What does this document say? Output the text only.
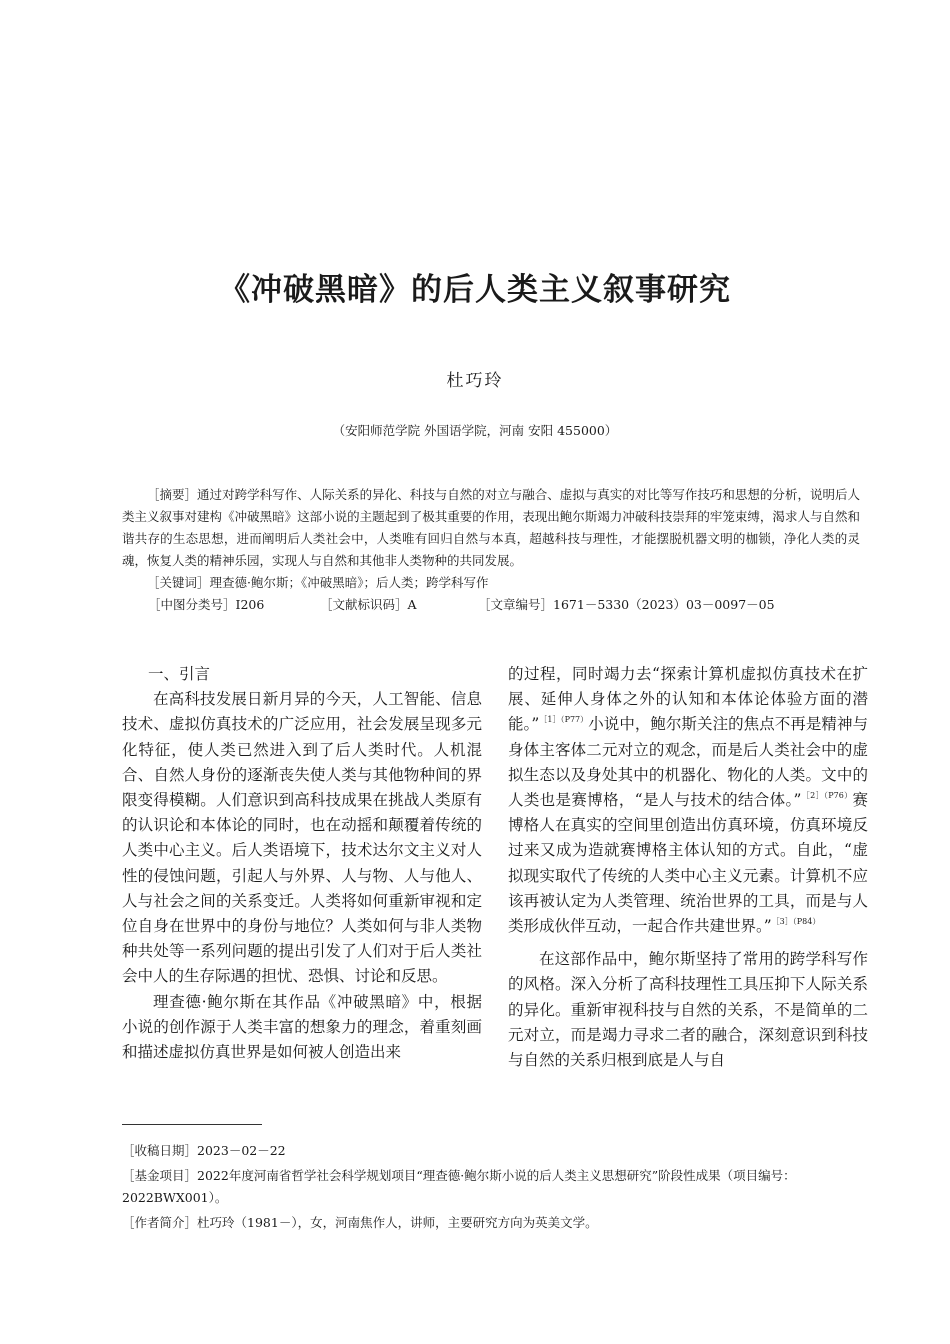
《冲破黑暗》的后人类主义叙事研究
杜巧玲
（安阳师范学院 外国语学院，河南 安阳 455000）

［摘要］通过对跨学科写作、人际关系的异化、科技与自然的对立与融合、虚拟与真实的对比等写作技巧和思想的分析，说明后人类主义叙事对建构《冲破黑暗》这部小说的主题起到了极其重要的作用，表现出鲍尔斯竭力冲破科技崇拜的牢笼束缚，渴求人与自然和谐共存的生态思想，进而阐明后人类社会中，人类唯有回归自然与本真，超越科技与理性，才能摆脱机器文明的枷锁，净化人类的灵魂，恢复人类的精神乐园，实现人与自然和其他非人类物种的共同发展。

［关键词］理查德·鲍尔斯；《冲破黑暗》；后人类；跨学科写作

［中图分类号］I206	［文献标识码］A	［文章编号］1671－5330（2023）03－0097－05
一、引言

在高科技发展日新月异的今天，人工智能、信息技术、虚拟仿真技术的广泛应用，社会发展呈现多元化特征，使人类已然进入到了后人类时代。人机混合、自然人身份的逐渐丧失使人类与其他物种间的界限变得模糊。人们意识到高科技成果在挑战人类原有的认识论和本体论的同时，也在动摇和颠覆着传统的人类中心主义。后人类语境下，技术达尔文主义对人性的侵蚀问题，引起人与外界、人与物、人与他人、人与社会之间的关系变迁。人类将如何重新审视和定位自身在世界中的身份与地位？人类如何与非人类物种共处等一系列问题的提出引发了人们对于后人类社会中人的生存际遇的担忧、恐惧、讨论和反思。

理查德·鲍尔斯在其作品《冲破黑暗》中，根据小说的创作源于人类丰富的想象力的理念，着重刻画和描述虚拟仿真世界是如何被人创造出来

的过程，同时竭力去“探索计算机虚拟仿真技术在扩展、延伸人身体之外的认知和本体论体验方面的潜能。”$^{[1](P77)}$小说中，鲍尔斯关注的焦点不再是精神与身体主客体二元对立的观念，而是后人类社会中的虚拟生态以及身处其中的机器化、物化的人类。文中的人类也是赛博格，“是人与技术的结合体。”$^{[2](P76)}$赛博格人在真实的空间里创造出仿真环境，仿真环境反过来又成为造就赛博格主体认知的方式。自此，“虚拟现实取代了传统的人类中心主义元素。计算机不应该再被认定为人类管理、统治世界的工具，而是与人类形成伙伴互动，一起合作共建世界。”$^{[3](P84)}$

在这部作品中，鲍尔斯坚持了常用的跨学科写作的风格。深入分析了高科技理性工具压抑下人际关系的异化。重新审视科技与自然的关系，不是简单的二元对立，而是竭力寻求二者的融合，深刻意识到科技与自然的关系归根到底是人与自

［收稿日期］2023－02－22

［基金项目］2022年度河南省哲学社会科学规划项目“理查德·鲍尔斯小说的后人类主义思想研究”阶段性成果（项目编号：2022BWX001）。

［作者简介］杜巧玲（1981－），女，河南焦作人，讲师，主要研究方向为英美文学。
